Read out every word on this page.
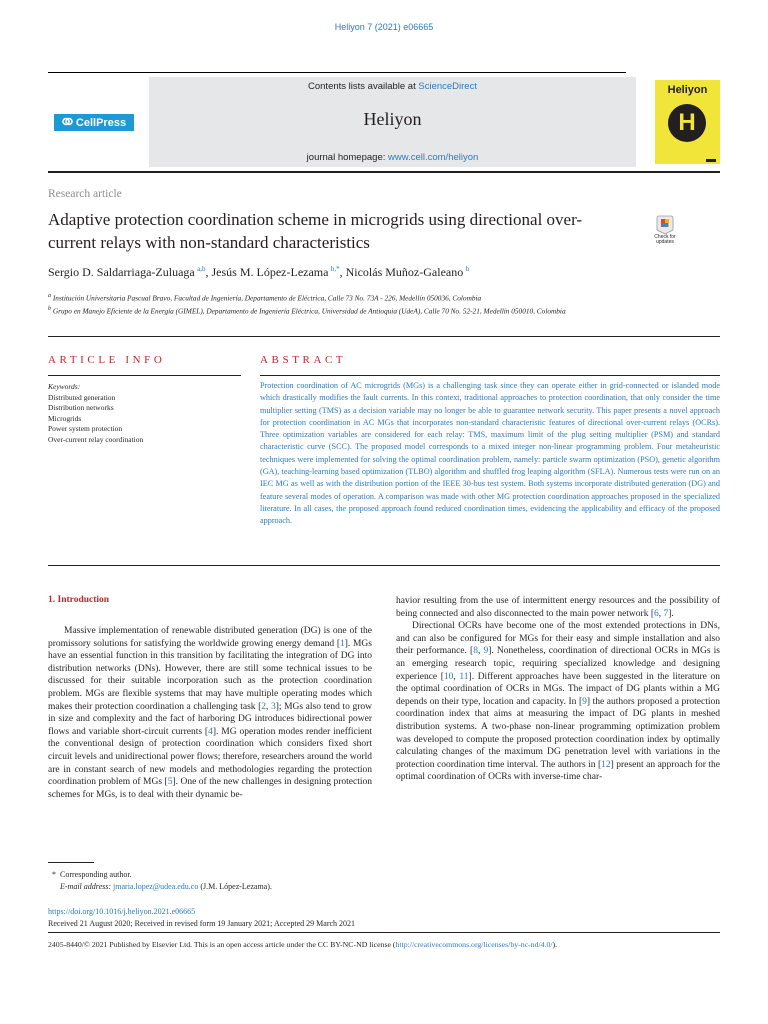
Heliyon 7 (2021) e06665
CellPress
Contents lists available at ScienceDirect
Heliyon
journal homepage: www.cell.com/heliyon
Heliyon
H
Research article
Adaptive protection coordination scheme in microgrids using directional over-current relays with non-standard characteristics	Check for updates
Sergio D. Saldarriaga-Zuluaga  $^{a,b}$, Jesús M. López-Lezama  $^{b,*}$, Nicolás Muñoz-Galeano  $^b$
$^a$ Institución Universitaria Pascual Bravo, Facultad de Ingeniería, Departamento de Eléctrica, Calle 73 No. 73A - 226, Medellín 050036, Colombia
$^b$ Grupo en Manejo Eficiente de la Energía (GIMEL), Departamento de Ingeniería Eléctrica, Universidad de Antioquia (UdeA), Calle 70 No. 52-21, Medellín 050010, Colombia
ARTICLE INFO	ABSTRACT
Keywords:
Distributed generation
Distribution networks
Microgrids
Power system protection
Over-current relay coordination
Protection coordination of AC microgrids (MGs) is a challenging task since they can operate either in grid-connected or islanded mode which drastically modifies the fault currents. In this context, traditional approaches to protection coordination, that only consider the time multiplier setting (TMS) as a decision variable may no longer be able to guarantee network security. This paper presents a novel approach for protection coordination in AC MGs that incorporates non-standard characteristic features of directional over-current relays (OCRs). Three optimization variables are considered for each relay: TMS, maximum limit of the plug setting multiplier (PSM) and standard characteristic curve (SCC). The proposed model corresponds to a mixed integer non-linear programming problem. Four metaheuristic techniques were implemented for solving the optimal coordination problem, namely: particle swarm optimization (PSO), genetic algorithm (GA), teaching-learning based optimization (TLBO) algorithm and shuffled frog leaping algorithm (SFLA). Numerous tests were run on an IEC MG as well as with the distribution portion of the IEEE 30-bus test system. Both systems incorporate distributed generation (DG) and feature several modes of operation. A comparison was made with other MG protection coordination approaches proposed in the specialized literature. In all cases, the proposed approach found reduced coordination times, evidencing the applicability and efficacy of the proposed approach.
1. Introduction

Massive implementation of renewable distributed generation (DG) is one of the promissory solutions for satisfying the worldwide growing energy demand [1]. MGs have an essential function in this transition by facilitating the integration of DG into distribution networks (DNs). However, there are still some technical issues to be discussed for their suitable incorporation such as the protection coordination problem. MGs are flexible systems that may have multiple operating modes which makes their protection coordination a challenging task [2, 3]; MGs also tend to grow in size and complexity and the fact of harboring DG introduces bidirectional power flows and variable short-circuit currents [4]. MG operation modes render inefficient the conventional design of protection coordination which considers fixed short circuit levels and unidirectional power flows; therefore, researchers around the world are in constant search of new models and methodologies regarding the protection coordination problem of MGs [5]. One of the new challenges in designing protection schemes for MGs, is to deal with their dynamic be-

havior resulting from the use of intermittent energy resources and the possibility of being connected and also disconnected to the main power network [6, 7].

Directional OCRs have become one of the most extended protections in DNs, and can also be configured for MGs for their easy and simple installation and also their performance. [8, 9]. Nonetheless, coordination of directional OCRs in MGs is an emerging research topic, requiring specialized knowledge and designing experience [10, 11]. Different approaches have been suggested in the literature on the optimal coordination of OCRs in MGs. The impact of DG plants within a MG depends on their type, location and capacity. In [9] the authors proposed a protection coordination index that aims at measuring the impact of DG plants in meshed distribution systems. A two-phase non-linear programming optimization problem was developed to compute the proposed protection coordination index by optimally calculating changes of the maximum DG penetration level with variations in the protection coordination time interval. The authors in [12] present an approach for the optimal coordination of OCRs with inverse-time char-

* Corresponding author.
E-mail address: jmaria.lopez@udea.edu.co (J.M. López-Lezama).
https://doi.org/10.1016/j.heliyon.2021.e06665
Received 21 August 2020; Received in revised form 19 January 2021; Accepted 29 March 2021
2405-8440/© 2021 Published by Elsevier Ltd. This is an open access article under the CC BY-NC-ND license (http://creativecommons.org/licenses/by-nc-nd/4.0/).
